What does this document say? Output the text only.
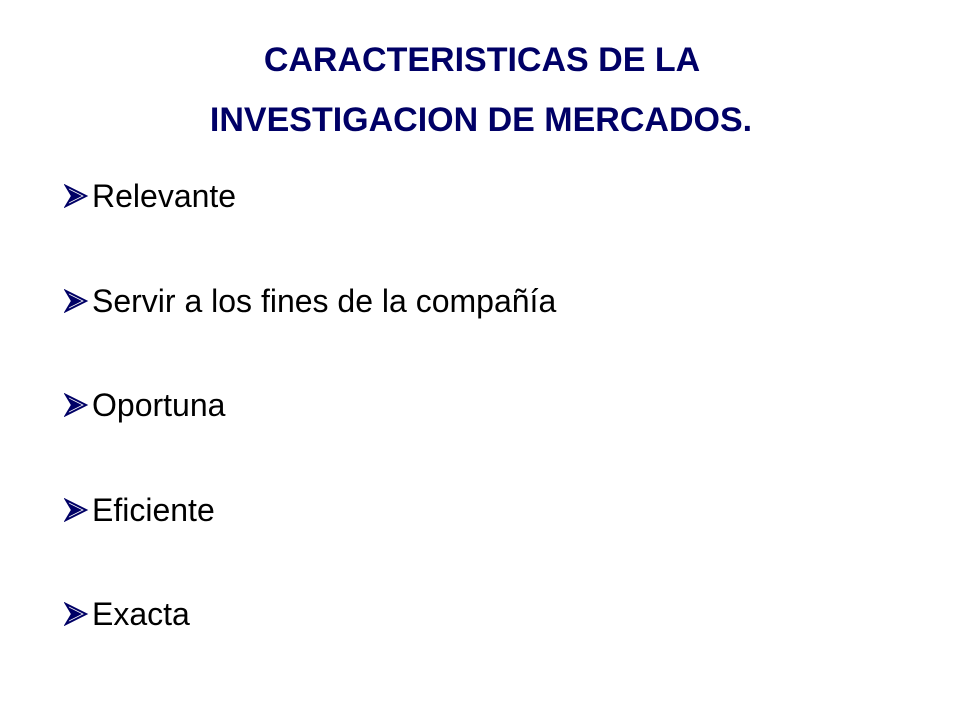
CARACTERISTICAS DE LA
INVESTIGACION DE MERCADOS.
Relevante
Servir a los fines de la compañía
Oportuna
Eficiente
Exacta
